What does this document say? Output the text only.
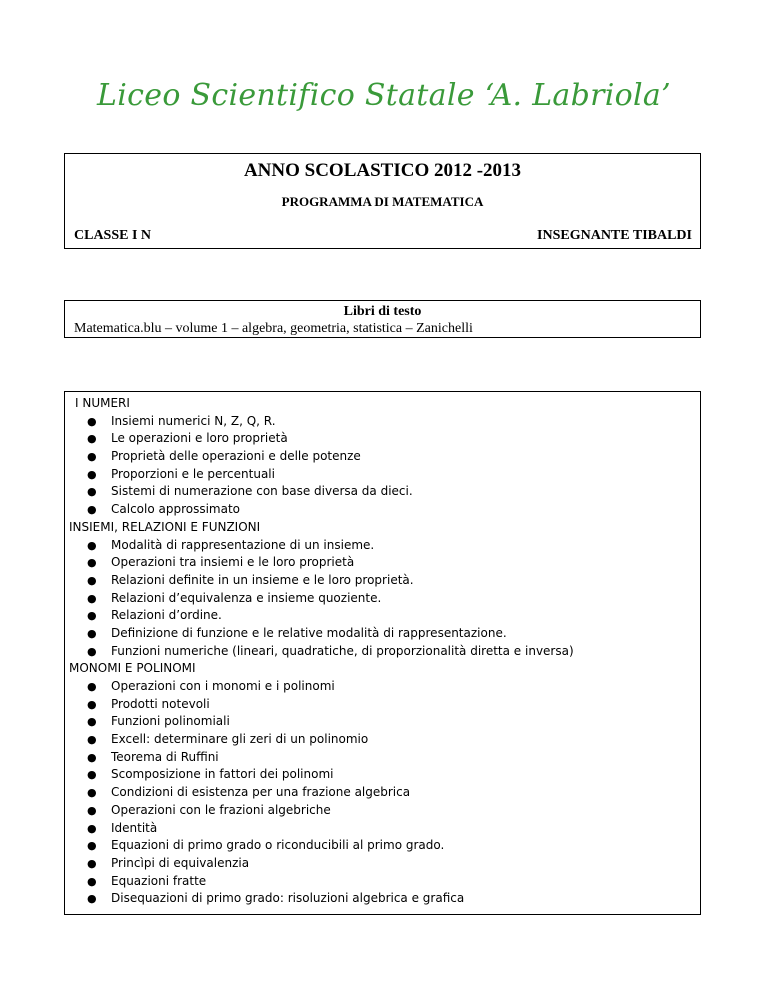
Liceo Scientifico Statale ‘A. Labriola’
ANNO SCOLASTICO 2012 -2013
PROGRAMMA DI MATEMATICA
CLASSE I N	INSEGNANTE TIBALDI
Libri di testo
Matematica.blu – volume 1 – algebra, geometria, statistica – Zanichelli
I NUMERI
● Insiemi numerici N, Z, Q, R.
● Le operazioni e loro proprietà
● Proprietà delle operazioni e delle potenze
● Proporzioni e le percentuali
● Sistemi di numerazione con base diversa da dieci.
● Calcolo approssimato
INSIEMI, RELAZIONI E FUNZIONI
● Modalità di rappresentazione di un insieme.
● Operazioni tra insiemi e le loro proprietà
● Relazioni definite in un insieme e le loro proprietà.
● Relazioni d’equivalenza e insieme quoziente.
● Relazioni d’ordine.
● Definizione di funzione e le relative modalità di rappresentazione.
● Funzioni numeriche (lineari, quadratiche, di proporzionalità diretta e inversa)
MONOMI E POLINOMI
● Operazioni con i monomi e i polinomi
● Prodotti notevoli
● Funzioni polinomiali
● Excell: determinare gli zeri di un polinomio
● Teorema di Ruffini
● Scomposizione in fattori dei polinomi
● Condizioni di esistenza per una frazione algebrica
● Operazioni con le frazioni algebriche
● Identità
● Equazioni di primo grado o riconducibili al primo grado.
● Princìpi di equivalenzia
● Equazioni fratte
● Disequazioni di primo grado: risoluzioni algebrica e grafica
